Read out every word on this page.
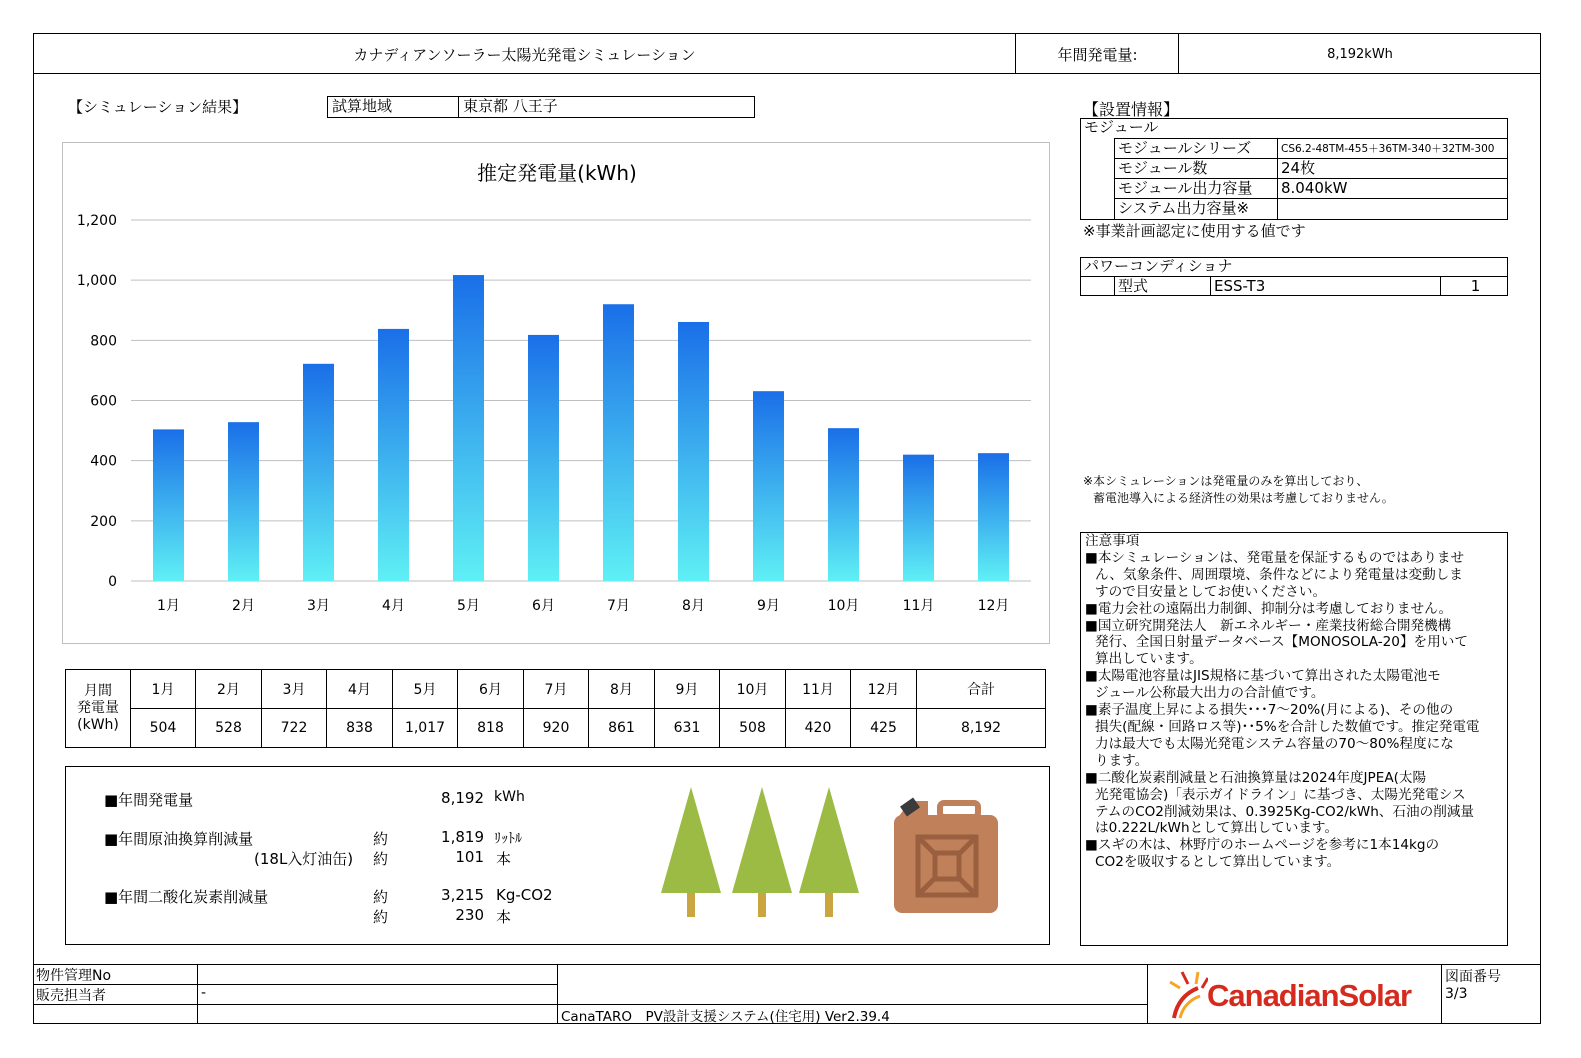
カナディアンソーラー太陽光発電シミュレーション	年間発電量:	8,192kWh
【シミュレーション結果】	試算地域	東京都 八王子
推定発電量(kWh)
0
200
400
600
800
1,000
1,200
1月	2月	3月	4月	5月	6月	7月	8月	9月	10月	11月	12月
月間
発電量
(kWh)	1月	2月	3月	4月	5月	6月	7月	8月	9月	10月	11月	12月	合計
	504	528	722	838	1,017	818	920	861	631	508	420	425	8,192
■年間発電量	8,192 kWh
■年間原油換算削減量	約	1,819 ﾘｯﾄﾙ
(18L入灯油缶) 約	101 本
■年間二酸化炭素削減量	約	3,215 Kg-CO2
約	230 本
【設置情報】
モジュール
モジュールシリーズ	CS6.2-48TM-455＋36TM-340＋32TM-300
モジュール数	24枚
モジュール出力容量	8.040kW
システム出力容量※
※事業計画認定に使用する値です
パワーコンディショナ
型式	ESS-T3	1
※本シミュレーションは発電量のみを算出しており、
蓄電池導入による経済性の効果は考慮しておりません。

注意事項

■本シミュレーションは、発電量を保証するものではありませ

ん、気象条件、周囲環境、条件などにより発電量は変動しま

すので目安量としてお使いください。

■電力会社の遠隔出力制御、抑制分は考慮しておりません。

■国立研究開発法人　新エネルギー・産業技術総合開発機構

発行、全国日射量データベース【MONOSOLA-20】を用いて

算出しています。

■太陽電池容量はJIS規格に基づいて算出された太陽電池モ

ジュール公称最大出力の合計値です。

■素子温度上昇による損失･･･7～20%(月による)、その他の

損失(配線・回路ロス等)･･5%を合計した数値です。推定発電電

力は最大でも太陽光発電システム容量の70～80%程度にな

ります。

■二酸化炭素削減量と石油換算量は2024年度JPEA(太陽

光発電協会)「表示ガイドライン」に基づき、太陽光発電シス

テムのCO2削減効果は、0.3925Kg-CO2/kWh、石油の削減量

は0.222L/kWhとして算出しています。

■スギの木は、林野庁のホームページを参考に1本14kgの

CO2を吸収するとして算出しています。

物件管理No
販売担当者	-
CanaTARO　PV設計支援システム(住宅用) Ver2.39.4
CanadianSolar
図面番号
3/3
